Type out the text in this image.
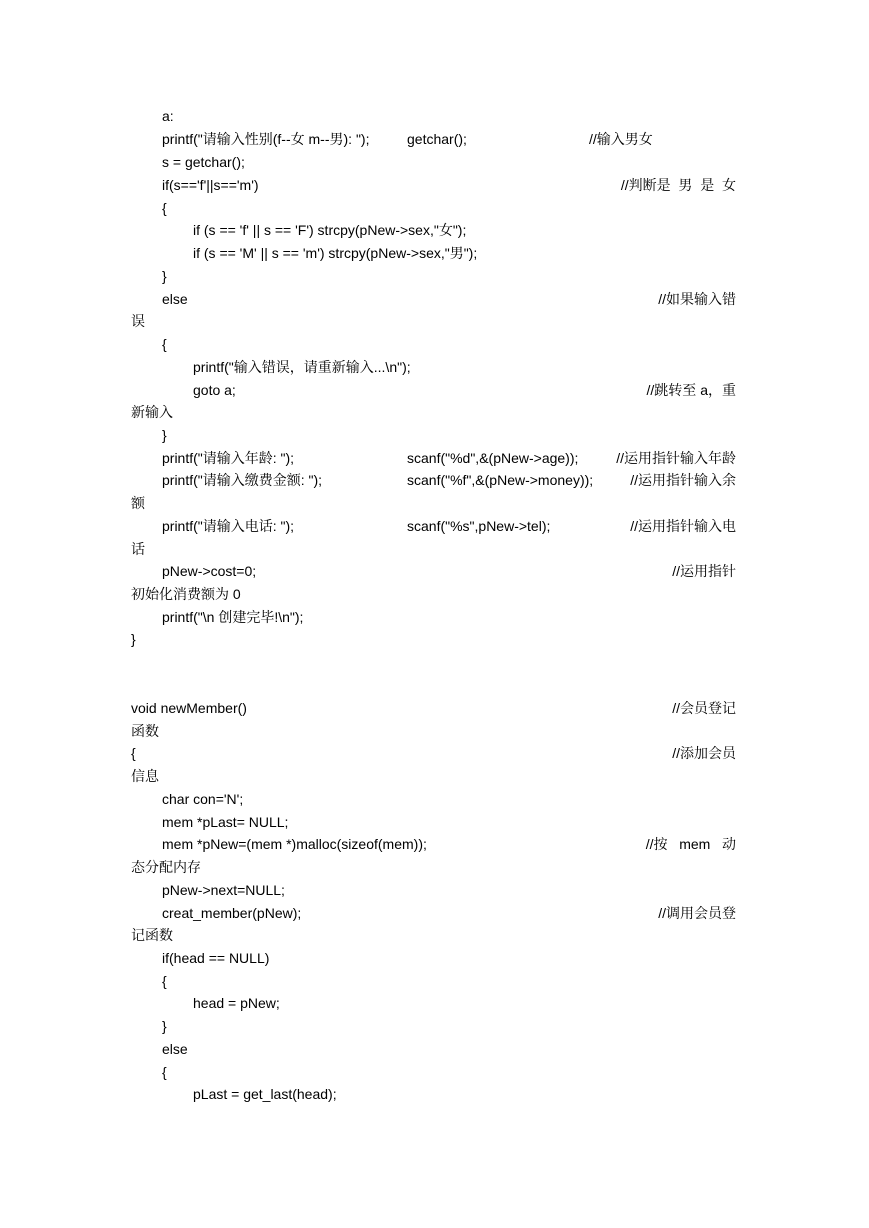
a:

printf("请输入性别(f--女 m--男): ");

	getchar();

	//输入男女

s = getchar();

if(s=='f'||s=='m')

	//判断是  男  是  女

{

if (s == 'f' || s == 'F') strcpy(pNew->sex,"女");

if (s == 'M' || s == 'm') strcpy(pNew->sex,"男");

}

else

	//如果输入错

误

{

printf("输入错误，请重新输入...\n");

goto a;

	//跳转至 a，重

新输入

}

printf("请输入年龄: ");

	scanf("%d",&(pNew->age));

	//运用指针输入年龄

printf("请输入缴费金额: ");

	scanf("%f",&(pNew->money));

	//运用指针输入余

额

printf("请输入电话: ");

	scanf("%s",pNew->tel);

	//运用指针输入电

话

pNew->cost=0;

	//运用指针

初始化消费额为 0

printf("\n 创建完毕!\n");

}

void newMember()

	//会员登记

函数

{

	//添加会员

信息

char con='N';

mem *pLast= NULL;

mem *pNew=(mem *)malloc(sizeof(mem));

	//按   mem   动

态分配内存

pNew->next=NULL;

creat_member(pNew);

	//调用会员登

记函数

if(head == NULL)

{

head = pNew;

}

else

{

pLast = get_last(head);
